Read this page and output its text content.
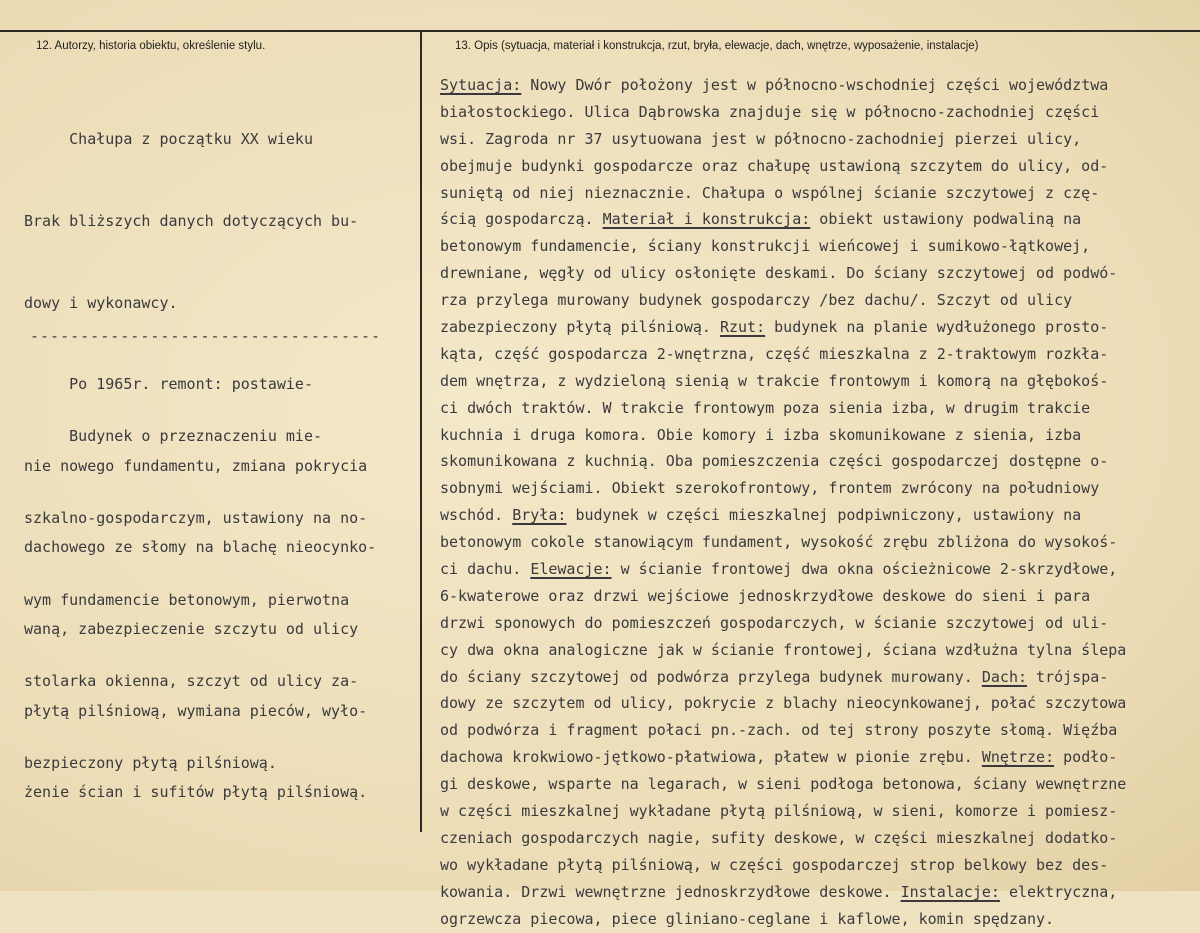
12. Autorzy, historia obiektu, określenie stylu.	13. Opis (sytuacja, materiał i konstrukcja, rzut, bryła, elewacje, dach, wnętrze, wyposażenie, instalacje)

Chałupa z początku XX wieku

Brak bliższych danych dotyczących bu-

dowy i wykonawcy.

Po 1965r. remont: postawie-

nie nowego fundamentu, zmiana pokrycia

dachowego ze słomy na blachę nieocynko-

waną, zabezpieczenie szczytu od ulicy

płytą pilśniową, wymiana pieców, wyło-

żenie ścian i sufitów płytą pilśniową.

-----------------------------------

Budynek o przeznaczeniu mie-

szkalno-gospodarczym, ustawiony na no-

wym fundamencie betonowym, pierwotna

stolarka okienna, szczyt od ulicy za-

bezpieczony płytą pilśniową.

Sytuacja: Nowy Dwór położony jest w północno-wschodniej części województwa
białostockiego. Ulica Dąbrowska znajduje się w północno-zachodniej części
wsi. Zagroda nr 37 usytuowana jest w północno-zachodniej pierzei ulicy,
obejmuje budynki gospodarcze oraz chałupę ustawioną szczytem do ulicy, od-
suniętą od niej nieznacznie. Chałupa o wspólnej ścianie szczytowej z czę-
ścią gospodarczą. Materiał i konstrukcja: obiekt ustawiony podwaliną na
betonowym fundamencie, ściany konstrukcji wieńcowej i sumikowo-łątkowej,
drewniane, węgły od ulicy osłonięte deskami. Do ściany szczytowej od podwó-
rza przylega murowany budynek gospodarczy /bez dachu/. Szczyt od ulicy
zabezpieczony płytą pilśniową. Rzut: budynek na planie wydłużonego prosto-
kąta, część gospodarcza 2-wnętrzna, część mieszkalna z 2-traktowym rozkła-
dem wnętrza, z wydzieloną sienią w trakcie frontowym i komorą na głębokoś-
ci dwóch traktów. W trakcie frontowym poza sienia izba, w drugim trakcie
kuchnia i druga komora. Obie komory i izba skomunikowane z sienia, izba
skomunikowana z kuchnią. Oba pomieszczenia części gospodarczej dostępne o-
sobnymi wejściami. Obiekt szerokofrontowy, frontem zwrócony na południowy
wschód. Bryła: budynek w części mieszkalnej podpiwniczony, ustawiony na
betonowym cokole stanowiącym fundament, wysokość zrębu zbliżona do wysokoś-
ci dachu. Elewacje: w ścianie frontowej dwa okna ościeżnicowe 2-skrzydłowe,
6-kwaterowe oraz drzwi wejściowe jednoskrzydłowe deskowe do sieni i para
drzwi sponowych do pomieszczeń gospodarczych, w ścianie szczytowej od uli-
cy dwa okna analogiczne jak w ścianie frontowej, ściana wzdłużna tylna ślepa
do ściany szczytowej od podwórza przylega budynek murowany. Dach: trójspa-
dowy ze szczytem od ulicy, pokrycie z blachy nieocynkowanej, połać szczytowa
od podwórza i fragment połaci pn.-zach. od tej strony poszyte słomą. Więźba
dachowa krokwiowo-jętkowo-płatwiowa, płatew w pionie zrębu. Wnętrze: podło-
gi deskowe, wsparte na legarach, w sieni podłoga betonowa, ściany wewnętrzne
w części mieszkalnej wykładane płytą pilśniową, w sieni, komorze i pomiesz-
czeniach gospodarczych nagie, sufity deskowe, w części mieszkalnej dodatko-
wo wykładane płytą pilśniową, w części gospodarczej strop belkowy bez des-
kowania. Drzwi wewnętrzne jednoskrzydłowe deskowe. Instalacje: elektryczna,
ogrzewcza piecowa, piece gliniano-ceglane i kaflowe, komin spędzany.
